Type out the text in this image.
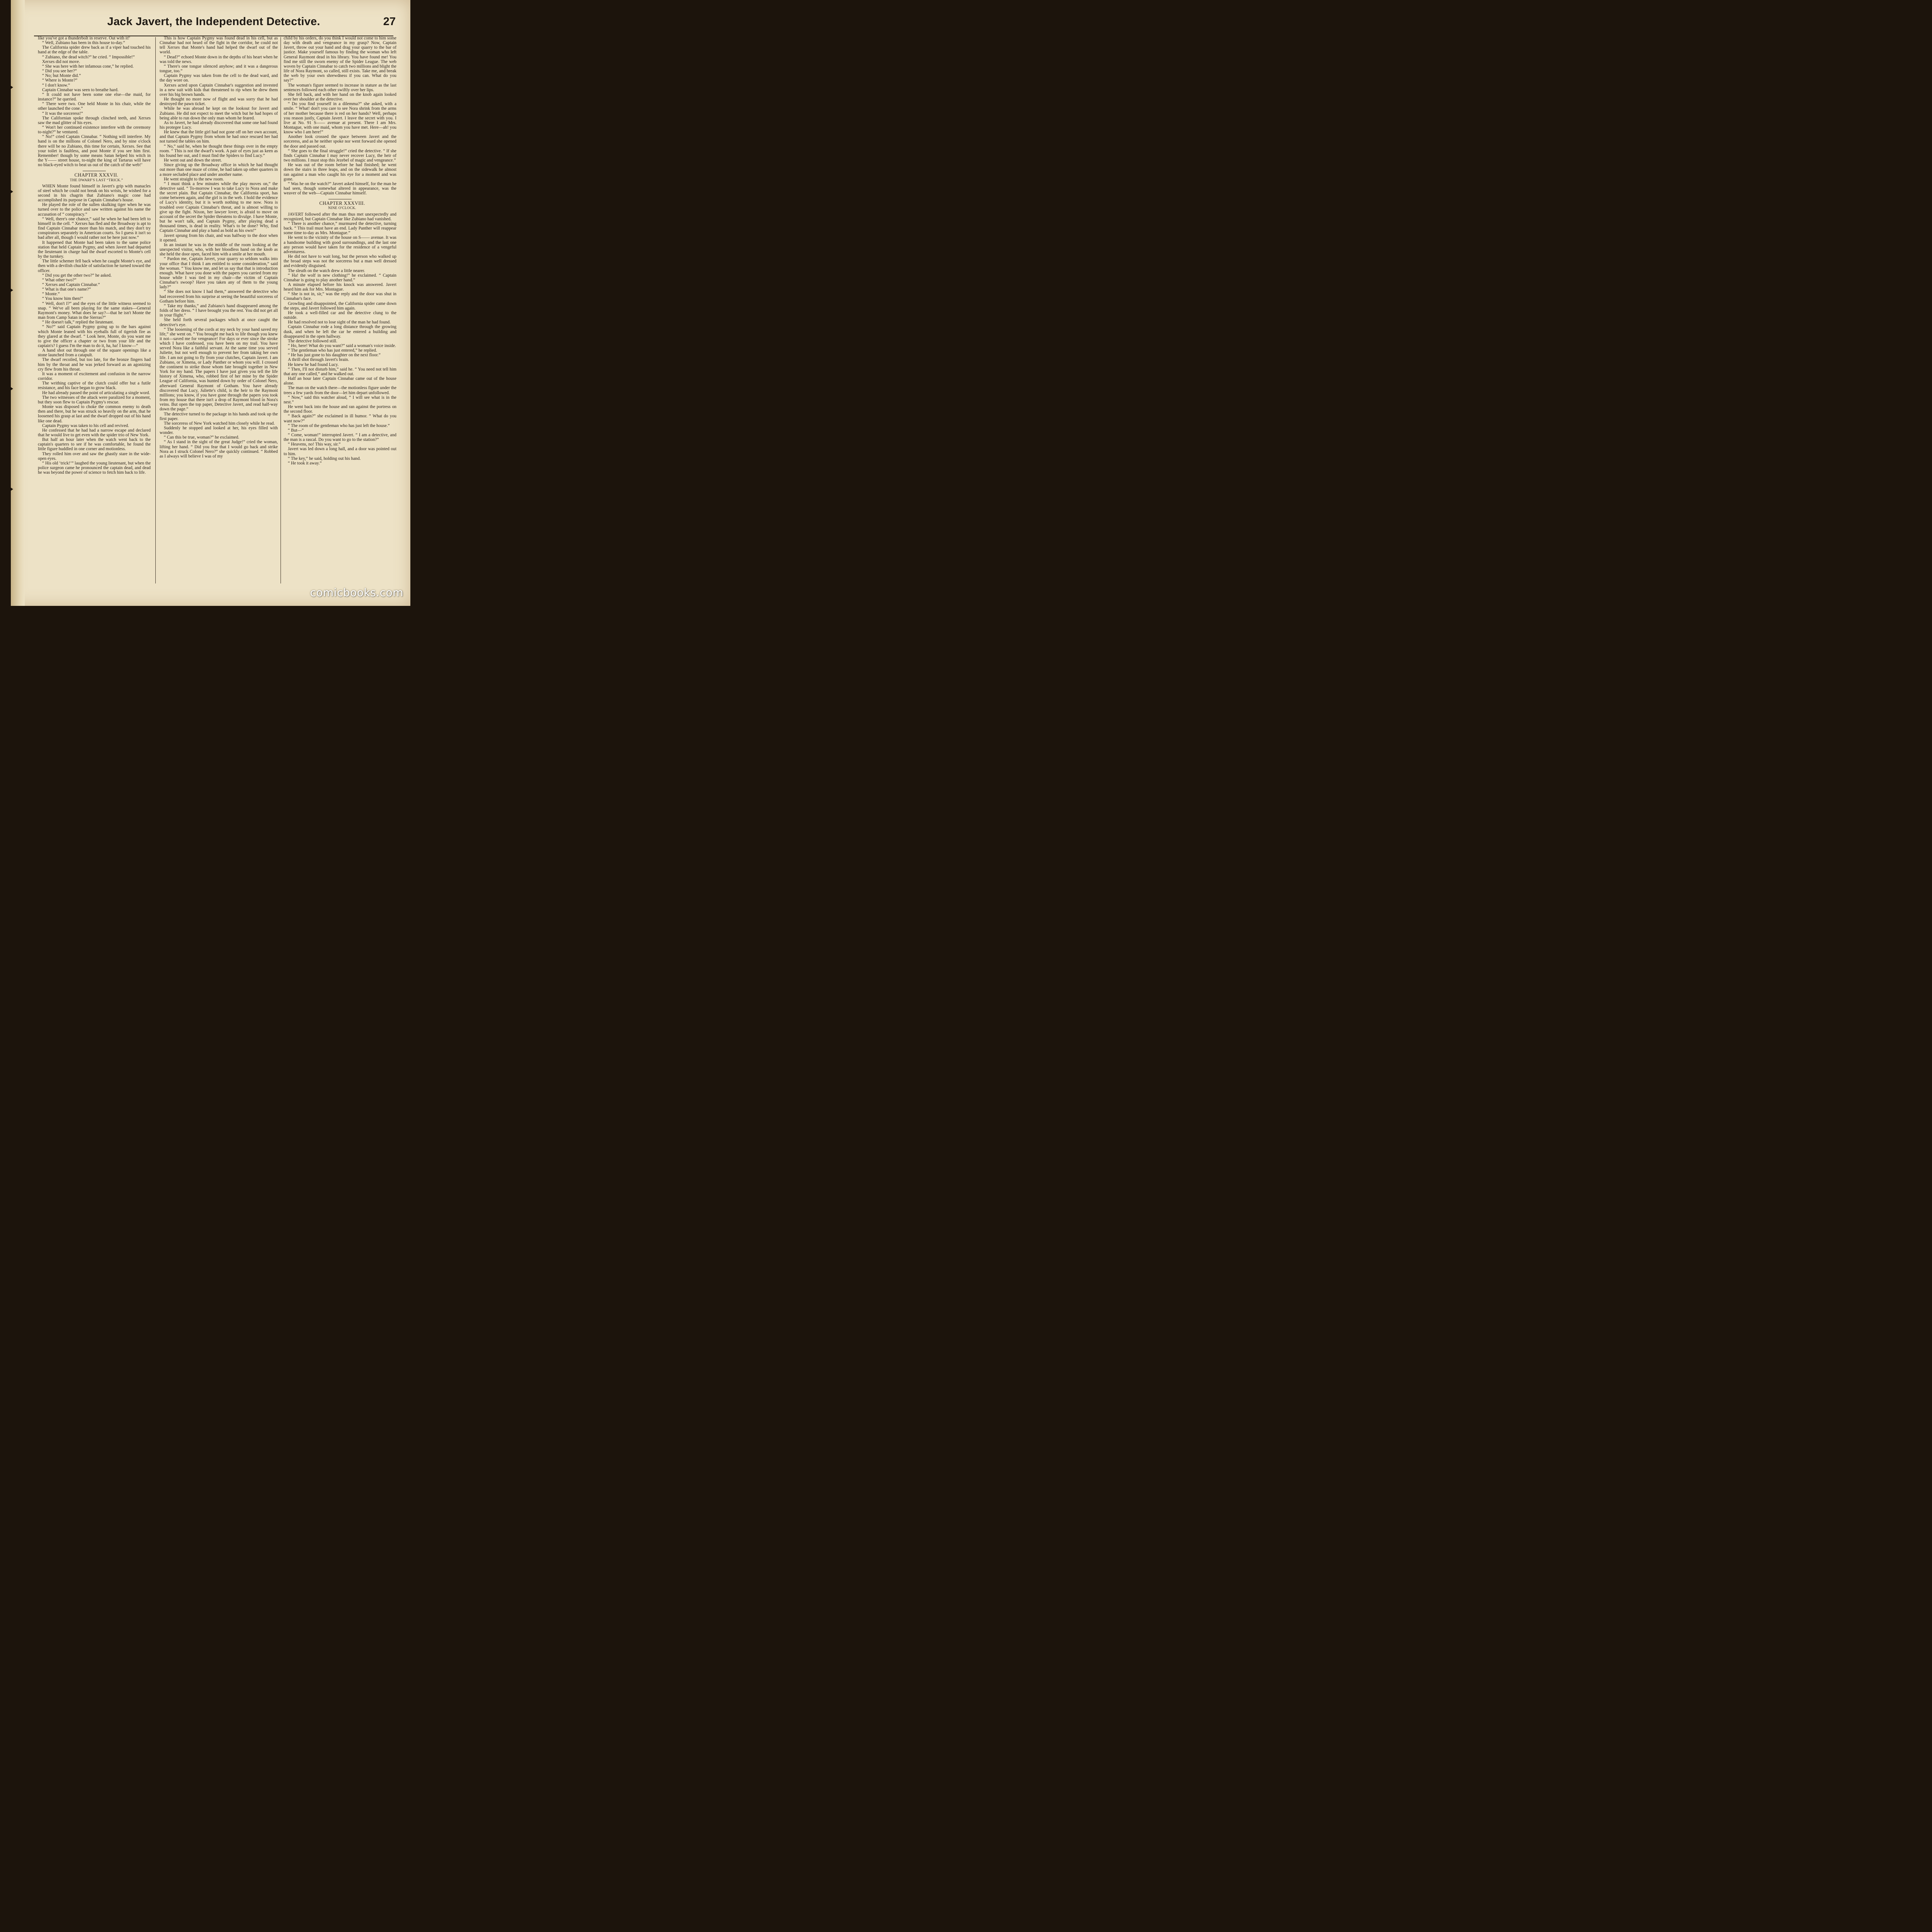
Jack Javert, the Independent Detective.	27

like you've got a thunderbolt in reserve. Out with it!'

“ Well, Zubiano has been in this house to-day.”

The California spider drew back as if a viper had touched his hand at the edge of the table.

“ Zubiano, the dead witch?” he cried. “ Impossible!”

Xerxes did not move.

“ She was here with her infamous cone,” he replied.

“ Did you see her?”

“ No; but Monte did.”

“ Where is Monte?”

“ I don't know.”

Captain Cinnabar was seen to breathe hard.

“ It could not have been some one else—the maid, for instance?” he queried.

“ There were two. One held Monte in his chair, while the other launched the cone.”

“ It was the sorceress!”

The Californian spoke through clinched teeth, and Xerxes saw the mad glitter of his eyes.

“ Won't her continued existence interfere with the ceremony to-night?” he ventured.

“ No!” cried Captain Cinnabar. “ Nothing will interfere. My hand is on the millions of Colonel Nero, and by nine o'clock there will be no Zubiano, this time for certain, Xerxes. See that your toilet is faultless, and post Monte if you see him first. Remember! though by some means Satan helped his witch in the Y—— street house, to-night the king of Tartarus will have no black-eyed witch to beat us out of the catch of the web!’

CHAPTER XXXVII.

THE DWARF'S LAST “TRICK.”

WHEN Monte found himself in Javert's grip with manacles of steel which he could not break on his wrists, he wished for a second in his chagrin that Zubiano's magic cone had accomplished its purpose in Captain Cinnabar's house.

He played the role of the sullen skulking tiger when he was turned over to the police and saw written against his name the accusation of “ conspiracy.”

“ Well, there's one chance,” said he when he had been left to himself in the cell. “ Xerxes has fled and the Broadway is apt to find Captain Cinnabar more than his match, and they don't try conspirators separately in American courts. So I guess it isn't so bad after all, though I would rather not be here just now.”

It happened that Monte had been taken to the same police station that held Captain Pygmy, and when Javert had departed the lieutenant in charge had the dwarf escorted to Monte's cell by the turnkey.

The little schemer fell back when he caught Monte's eye, and then with a devilish chuckle of satisfaction he turned toward the officer.

“ Did you get the other two?” he asked.

“ What other two?”

“ Xerxes and Captain Cinnabar.”

“ What is that one's name?”

“ Monte.”

“ You know him then!”

“ Well, don't I?” and the eyes of the little witness seemed to snap. “ We've all been playing for the same stakes—General Raymont's money. What does he say?—that he isn't Monte the man from Camp Satan in the Sierras?”

“ He doesn't talk,” replied the lieutenant.

“ No?” said Captain Pygmy going up to the bars against which Monte leaned with his eyeballs full of tigerish fire as they glared at the dwarf. “ Look here, Monte, do you want me to give the officer a chapter or two from your life and the captain's? I guess I'm the man to do it, ha, ha! I know—”

A hand shot out through one of the square openings like a stone launched from a catapult.

The dwarf recoiled, but too late, for the bronze fingers had him by the throat and he was jerked forward as an agonizing cry flew from his throat.

It was a moment of excitement and confusion in the narrow corridor.

The writhing captive of the clutch could offer but a futile resistance, and his face began to grow black.

He had already passed the point of articulating a single word.

The two witnesses of the attack were paralized for a moment, but they soon flew to Captain Pygmy's rescue.

Monte was disposed to choke the common enemy to death then and there, but he was struck so heavily on the arm, that he loosened his grasp at last and the dwarf dropped out of his hand like one dead.

Captain Pygmy was taken to his cell and revived.

He confessed that he had had a narrow escape and declared that he would live to get even with the spider trio of New York.

But half an hour later when the watch went back to the captain's quarters to see if he was comfortable, he found the little figure huddled in one corner and motionless.

They rolled him over and saw the ghastly stare in the wide-open eyes.

“ His old ‘trick!’” laughed the young lieutenant, but when the police surgeon came he pronounced the captain dead, and dead he was beyond the power of science to fetch him back to life.

This is how Captain Pygmy was found dead in his cell, but as Cinnabar had not heard of the fight in the corridor, he could not tell Xerxes that Monte's hand had helped the dwarf out of the world.

“ Dead?” echoed Monte down in the depths of his heart when he was told the news.

“ There's one tongue silenced anyhow; and it was a dangerous tongue, too.”

Captain Pygmy was taken from the cell to the dead ward, and the day wore on.

Xerxes acted upon Captain Cinnabar's suggestion and invested in a new suit with kids that threatened to rip when he drew them over his big brown hands.

He thought no more now of flight and was sorry that he had destroyed the pawn ticket.

While he was abroad he kept on the lookout for Javert and Zubiano. He did not expect to meet the witch but he had hopes of being able to run down the only man whom he feared.

As to Javert, he had already discovered that some one had found his protegee Lucy.

He knew that the little girl had not gone off on her own account, and that Captain Pygmy from whom he had once rescued her had not turned the tables on him.

“ No,” said he, when he thought these things over in the empty room. “ This is not the dwarf's work. A pair of eyes just as keen as his found her out, and I must find the Spiders to find Lucy.”

He went out and down the street.

Since giving up the Broadway office in which he had thought out more than one maze of crime, he had taken up other quarters in a more secluded place and under another name.

He went straight to the new room.

“ I must think a few minutes while the play moves on,” the detective said. “ To-morrow I was to take Lucy to Nora and make the secret plain. But Captain Cinnabar, the California sport, has come between again, and the girl is in the web. I hold the evidence of Lucy's identity, but it is worth nothing to me now. Nora is troubled over Captain Cinnabar's threat, and is almost willing to give up the fight. Nixon, her lawyer lover, is afraid to move on account of the secret the Spider threatens to divulge. I have Monte, but he won't talk, and Captain Pygmy, after playing dead a thousand times, is dead in reality. What's to be done? Why, find Captain Cinnabar and play a hand as bold as his own!”

Javert sprung from his chair, and was halfway to the door when it opened.

In an instant he was in the middle of the room looking at the unexpected visitor, who, with her bloodless hand on the knob as she held the door open, faced him with a smile at her mouth.

“ Pardon me, Captain Javert, your quarry so seldom walks into your office that I think I am entitled to some consideration,” said the woman. “ You know me, and let us say that that is introduction enough. What have you done with the papers you carried from my house while I was tied in my chair—the victim of Captain Cinnabar's swoop? Have you taken any of them to the young lady?”

“ She does not know I had them,” answered the detective who had recovered from his surprise at seeing the beautiful sorceress of Gotham before him.

“ Take my thanks,” and Zubiano's hand disappeared among the folds of her dress. “ I have brought you the rest. You did not get all in your flight.”

She held forth several packages which at once caught the detective's eye.

“ The loosening of the cords at my neck by your hand saved my life,” she went on. “ You brought me back to life though you knew it not—saved me for vengeance! For days or ever since the stroke which I have confessed, you have been on my trail. You have served Nora like a faithful servant. At the same time you served Juliette, but not well enough to prevent her from taking her own life. I am not going to fly from your clutches, Captain Javert. I am Zubiano, or Ximena, or Lady Panther or whom you will. I crossed the continent to strike those whom fate brought together in New York for my hand. The papers I have just given you tell the life history of Ximena, who, robbed first of her mine by the Spider League of California, was hunted down by order of Colonel Nero, afterward General Raymont of Gotham. You have already discovered that Lucy, Juliette's child, is the heir to the Raymont millions; you know, if you have gone through the papers you took from my house that there isn't a drop of Raymont blood in Nora's veins. But open the top paper, Detective Javert, and read half-way down the page.”

The detective turned to the package in his hands and took up the first paper.

The sorceress of New York watched him closely while he read.

Suddenly he stopped and looked at her, his eyes filled with wonder.

“ Can this be true, woman?” he exclaimed.

“ As I stand in the sight of the great Judge!” cried the woman, lifting her hand. “ Did you fear that I would go back and strike Nora as I struck Colonel Nero?” she quickly continued. “ Robbed as I always will believe I was of my

child by his orders, do you think I would not come to him some day with death and vengeance in my grasp? Now, Captain Javert, throw out your hand and drag your quarry to the bar of justice. Make yourself famous by finding the woman who left General Raymont dead in his library. You have found me! You find me still the sworn enemy of the Spider League. The web woven by Captain Cinnabar to catch two millions and blight the life of Nora Raymont, so called, still exists. Take me, and break the web by your own shrewdness if you can. What do you say?”

The woman's figure seemed to increase in stature as the last sentences followed each other swiftly over her lips.

She fell back, and with her hand on the knob again looked over her shoulder at the detective.

“ Do you find yourself in a dilemma?” she asked, with a smile. “ What! don't you care to see Nora shrink from the arms of her mother because there is red on her hands? Well, perhaps you reason justly, Captain Javert. I leave the secret with you. I live at No. 91 S—— avenue at present. There I am Mrs. Montague, with one maid, whom you have met. Here—ah! you know who I am here!”

Another look crossed the space between Javert and the sorceress, and as he neither spoke nor went forward she opened the door and passed out.

“ She goes to the final struggle!” cried the detective. “ If she finds Captain Cinnabar I may never recover Lucy, the heir of two millions. I must stop this Jezebel of magic and vengeance.”

He was out of the room before he had finished; he went down the stairs in three leaps, and on the sidewalk he almost ran against a man who caught his eye for a moment and was gone.

“ Was he on the watch?” Javert asked himself, for the man he had seen, though somewhat altered in appearance, was the weaver of the web—Captain Cinnabar himself.

CHAPTER XXXVIII.

NINE O'CLOCK.

JAVERT followed after the man thus met unexpectedly and recognized, but Captain Cinnabar like Zubiano had vanished.

“ There is another chance,” murmured the detective, turning back. “ This trail must have an end. Lady Panther will reappear some time to-day as Mrs. Montague.”

He went to the vicinity of the house on S—— avenue. It was a handsome building with good surroundings, and the last one any person would have taken for the residence of a vengeful adventuress.

He did not have to wait long, but the person who walked up the broad steps was not the sorceress but a man well dressed and evidently disguised.

The sleuth on the watch drew a little nearer.

“ Ha! the wolf in new clothing!” he exclaimed. “ Captain Cinnabar is going to play another hand.”

A minute elapsed before his knock was answered. Javert heard him ask for Mrs. Montague.

“ She is not in, sir,” was the reply and the door was shut in Cinnabar's face.

Growling and disappointed, the California spider came down the steps, and Javert followed him again.

He took a well-filled car and the detective clung to the outside.

He had resolved not to lose sight of the man he had found.

Captain Cinnabar rode a long distance through the growing dusk, and when he left the car he entered a building and disappeared in the open hallway.

The detective followed still.

“ Ho, here! What do you want?” said a woman's voice inside.

“ The gentleman who has just entered,” he replied.

“ He has just gone to his daughter on the next floor.”

A thrill shot through Javert's brain.

He knew he had found Lucy.

“ Then, I'll not disturb him,” said he. “ You need not tell him that any one called,” and he walked out.

Half an hour later Captain Cinnabar came out of the house alone.

The man on the watch there—the motionless figure under the trees a few yards from the door—let him depart unfollowed.

“ Now,” said this watcher aloud, “ I will see what is in the nest.”

He went back into the house and ran against the portress on the second floor.

“ Back again?” she exclaimed in ill humor. “ What do you want now?”

“ The room of the gentleman who has just left the house.”

“ But—”

“ Come, woman!” interrupted Javert. “ I am a detective, and the man is a rascal. Do you want to go to the station?”

“ Heavens, no! This way, sir.”

Javert was led down a long hall, and a door was pointed out to him.

“ The key,” he said, holding out his hand.

“ He took it away.”

comicbooks.com
